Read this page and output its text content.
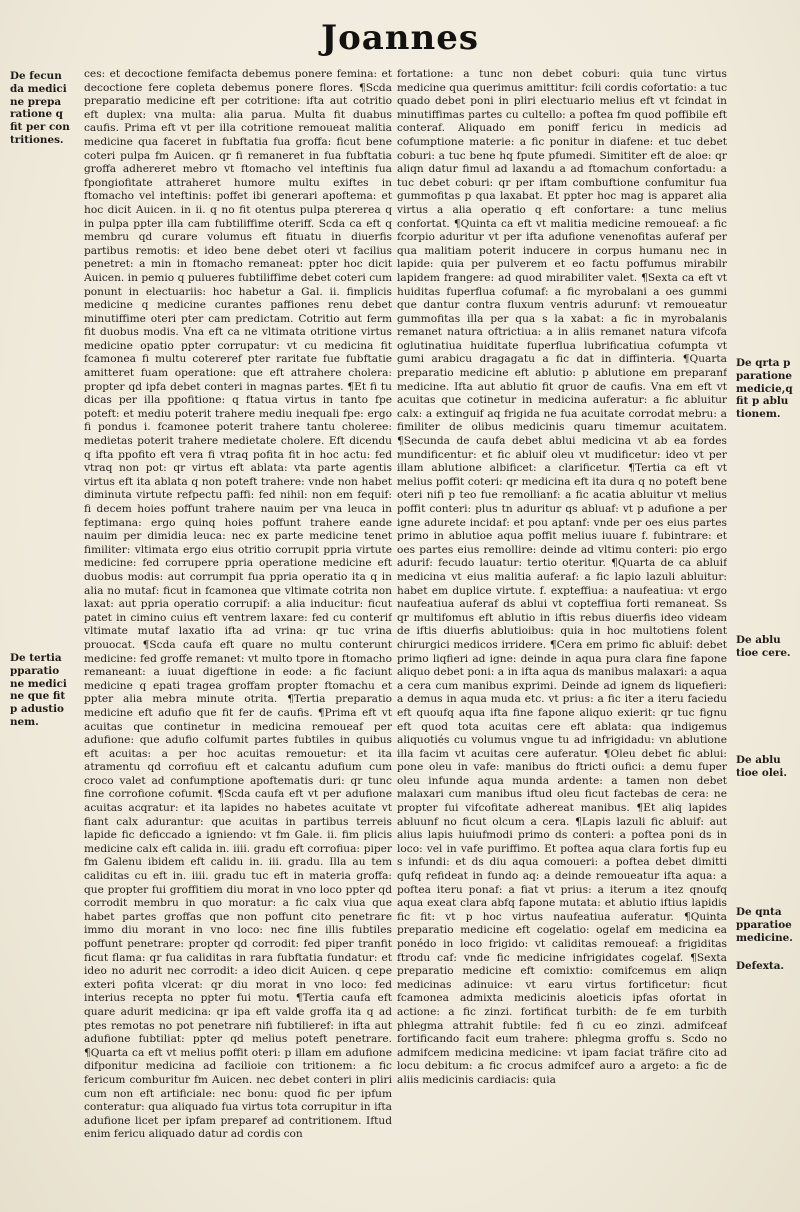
Joannes
De fecun
da medici
ne prepa
ratione q
fit per con
tritiones.
De tertia
pparatio
ne medici
ne que fit
p adustio
nem.
De qrta p
paratione
medicie,q
fit p ablu
tionem.
De ablu
tioe cere.
De ablu
tioe olei.
De qnta
pparatioe
medicine.
Defexta.

ces: et decoctione femifacta debemus ponere femina: et decoctione fere copleta debemus ponere flores. ¶Scda preparatio medicine eft per cotritione: ifta aut cotritio eft duplex: vna multa: alia parua. Multa fit duabus caufis. Prima eft vt per illa cotritione remoueat malitia medicine qua faceret in fubftatia fua groffa: ficut bene coteri pulpa fm Auicen. qr fi remaneret in fua fubftatia groffa adhereret mebro vt ftomacho vel inteftinis fua fpongiofitate attraheret humore multu exiftes in ftomacho vel inteftinis: poffet ibi generari apoftema: et hoc dicit Auicen. in ii. q no fit otentus pulpa ptererea q in pulpa ppter illa cam fubtiliffime oteriff. Scda ca eft q membru qd curare volumus eft fituatu in diuerfis partibus remotis: et ideo bene debet oteri vt facilius penetret: a min in ftomacho remaneat: ppter hoc dicit Auicen. in pemio q pulueres fubtiliffime debet coteri cum ponunt in electuariis: hoc habetur a Gal. ii. fimplicis medicine q medicine curantes paffiones renu debet minutiffime oteri pter cam predictam. Cotritio aut ferm fit duobus modis. Vna eft ca ne vltimata otritione virtus medicine opatio ppter corrupatur: vt cu medicina fit fcamonea fi multu cotereref pter raritate fue fubftatie amitteret fuam operatione: que eft attrahere cholera: propter qd ipfa debet conteri in magnas partes. ¶Et fi tu dicas per illa ppofitione: q ftatua virtus in tanto fpe poteft: et mediu poterit trahere mediu inequali fpe: ergo fi pondus i. fcamonee poterit trahere tantu choleree: medietas poterit trahere medietate cholere. Eft dicendu q ifta ppofito eft vera fi vtraq pofita fit in hoc actu: fed vtraq non pot: qr virtus eft ablata: vta parte agentis virtus eft ita ablata q non poteft trahere: vnde non habet diminuta virtute refpectu paffi: fed nihil: non em fequif: fi decem hoies poffunt trahere nauim per vna leuca in feptimana: ergo quinq hoies poffunt trahere eande nauim per dimidia leuca: nec ex parte medicine tenet fimiliter: vltimata ergo eius otritio corrupit ppria virtute medicine: fed corrupere ppria operatione medicine eft duobus modis: aut corrumpit fua ppria operatio ita q in alia no mutaf: ficut in fcamonea que vltimate cotrita non laxat: aut ppria operatio corrupif: a alia inducitur: ficut patet in cimino cuius eft ventrem laxare: fed cu conterif vltimate mutaf laxatio ifta ad vrina: qr tuc vrina prouocat. ¶Scda caufa eft quare no multu conterunt medicine: fed groffe remanet: vt multo tpore in ftomacho remaneant: a iuuat digeftione in eode: a fic faciunt medicine q epati tragea groffam propter ftomachu et ppter alia mebra minute otrita. ¶Tertia preparatio medicine eft adufio que fit fer de caufis. ¶Prima eft vt acuitas que continetur in medicina remoueaf per adufione: que adufio colfumit partes fubtiles in quibus eft acuitas: a per hoc acuitas remouetur: et ita atramentu qd corrofiuu eft et calcantu adufium cum croco valet ad confumptione apoftematis duri: qr tunc fine corrofione cofumit. ¶Scda caufa eft vt per adufione acuitas acqratur: et ita lapides no habetes acuitate vt fiant calx adurantur: que acuitas in partibus terreis lapide fic deficcado a igniendo: vt fm Gale. ii. fim plicis medicine calx eft calida in. iiii. gradu eft corrofiua: piper fm Galenu ibidem eft calidu in. iii. gradu. Illa au tem caliditas cu eft in. iiii. gradu tuc eft in materia groffa: que propter fui groffitiem diu morat in vno loco ppter qd corrodit membru in quo moratur: a fic calx viua que habet partes groffas que non poffunt cito penetrare immo diu morant in vno loco: nec fine illis fubtiles poffunt penetrare: propter qd corrodit: fed piper tranfit ficut flama: qr fua caliditas in rara fubftatia fundatur: et ideo no adurit nec corrodit: a ideo dicit Auicen. q cepe exteri pofita vlcerat: qr diu morat in vno loco: fed interius recepta no ppter fui motu. ¶Tertia caufa eft quare adurit medicina: qr ipa eft valde groffa ita q ad ptes remotas no pot penetrare nifi fubtilieref: in ifta aut adufione fubtiliat: ppter qd melius poteft penetrare. ¶Quarta ca eft vt melius poffit oteri: p illam em adufione difponitur medicina ad facilioie con tritionem: a fic fericum comburitur fm Auicen. nec debet conteri in pliri cum non eft artificiale: nec bonu: quod fic per ipfum conteratur: qua aliquado fua virtus tota corrupitur in ifta adufione licet per ipfam preparef ad contritionem. Iftud enim fericu aliquado datur ad cordis con

fortatione: a tunc non debet coburi: quia tunc virtus medicine qua querimus amittitur: fcili cordis cofortatio: a tuc quado debet poni in pliri electuario melius eft vt fcindat in minutiffimas partes cu cultello: a poftea fm quod poffibile eft conteraf. Aliquado em poniff fericu in medicis ad cofumptione materie: a fic ponitur in diafene: et tuc debet coburi: a tuc bene hq fpute pfumedi. Simititer eft de aloe: qr aliqn datur fimul ad laxandu a ad ftomachum confortadu: a tuc debet coburi: qr per iftam combuftione confumitur fua gummofitas p qua laxabat. Et ppter hoc mag is apparet alia virtus a alia operatio q eft confortare: a tunc melius confortat. ¶Quinta ca eft vt malitia medicine remoueaf: a fic fcorpio aduritur vt per ifta adufione venenofitas auferaf per qua malitiam poterit inducere in corpus humanu nec in lapide: quia per pulverem et eo factu poffumus mirabilr lapidem frangere: ad quod mirabiliter valet. ¶Sexta ca eft vt huiditas fuperflua cofumaf: a fic myrobalani a oes gummi que dantur contra fluxum ventris adurunf: vt remoueatur gummofitas illa per qua s la xabat: a fic in myrobalanis remanet natura oftrictiua: a in aliis remanet natura vifcofa oglutinatiua huiditate fuperflua lubrificatiua cofumpta vt gumi arabicu dragagatu a fic dat in diffinteria. ¶Quarta preparatio medicine eft ablutio: p ablutione em preparanf medicine. Ifta aut ablutio fit qruor de caufis. Vna em eft vt acuitas que cotinetur in medicina auferatur: a fic abluitur calx: a extinguif aq frigida ne fua acuitate corrodat mebru: a fimiliter de olibus medicinis quaru timemur acuitatem. ¶Secunda de caufa debet ablui medicina vt ab ea fordes mundificentur: et fic abluif oleu vt mudificetur: ideo vt per illam ablutione albificet: a clarificetur. ¶Tertia ca eft vt melius poffit coteri: qr medicina eft ita dura q no poteft bene oteri nifi p teo fue remollianf: a fic acatia abluitur vt melius poffit conteri: plus tn aduritur qs abluaf: vt p adufione a per igne adurete incidaf: et pou aptanf: vnde per oes eius partes primo in ablutioe aqua poffit melius iuuare f. fubintrare: et oes partes eius remollire: deinde ad vltimu conteri: pio ergo adurif: fecudo lauatur: tertio oteritur. ¶Quarta de ca abluif medicina vt eius malitia auferaf: a fic lapio lazuli abluitur: habet em duplice virtute. f. expteffiua: a naufeatiua: vt ergo naufeatiua auferaf ds ablui vt copteffiua forti remaneat. Ss qr multifomus eft ablutio in iftis rebus diuerfis ideo videam de iftis diuerfis ablutioibus: quia in hoc multotiens folent chirurgici medicos irridere. ¶Cera em primo fic abluif: debet primo liqfieri ad igne: deinde in aqua pura clara fine fapone aliquo debet poni: a in ifta aqua ds manibus malaxari: a aqua a cera cum manibus exprimi. Deinde ad ignem ds liquefieri: a demus in aqua muda etc. vt prius: a fic iter a iteru faciedu eft quoufq aqua ifta fine fapone aliquo exierit: qr tuc fignu eft quod tota acuitas cere eft ablata: qua indigemus aliquotiés cu volumus vngue tu ad infrigidadu: vn ablutione illa facim vt acuitas cere auferatur. ¶Oleu debet fic ablui: pone oleu in vafe: manibus do ftricti oufici: a demu fuper oleu infunde aqua munda ardente: a tamen non debet malaxari cum manibus iftud oleu ficut factebas de cera: ne propter fui vifcofitate adhereat manibus. ¶Et aliq lapides abluunf no ficut olcum a cera. ¶Lapis lazuli fic abluif: aut alius lapis huiufmodi primo ds conteri: a poftea poni ds in loco: vel in vafe puriffimo. Et poftea aqua clara fortis fup eu s infundi: et ds diu aqua comoueri: a poftea debet dimitti qufq refideat in fundo aq: a deinde remoueatur ifta aqua: a poftea iteru ponaf: a fiat vt prius: a iterum a itez qnoufq aqua exeat clara abfq fapone mutata: et ablutio iftius lapidis fic fit: vt p hoc virtus naufeatiua auferatur. ¶Quinta preparatio medicine eft cogelatio: ogelaf em medicina ea ponédo in loco frigido: vt caliditas remoueaf: a frigiditas ftrodu caf: vnde fic medicine infrigidates cogelaf. ¶Sexta preparatio medicine eft comixtio: comifcemus em aliqn medicinas adinuice: vt earu virtus fortificetur: ficut fcamonea admixta medicinis aloeticis ipfas ofortat in actione: a fic zinzi. fortificat turbith: de fe em turbith phlegma attrahit fubtile: fed fi cu eo zinzi. admifceaf fortificando facit eum trahere: phlegma groffu s. Scdo no admifcem medicina medicine: vt ipam faciat träfire cito ad locu debitum: a fic crocus admifcef auro a argeto: a fic de aliis medicinis cardiacis: quia
